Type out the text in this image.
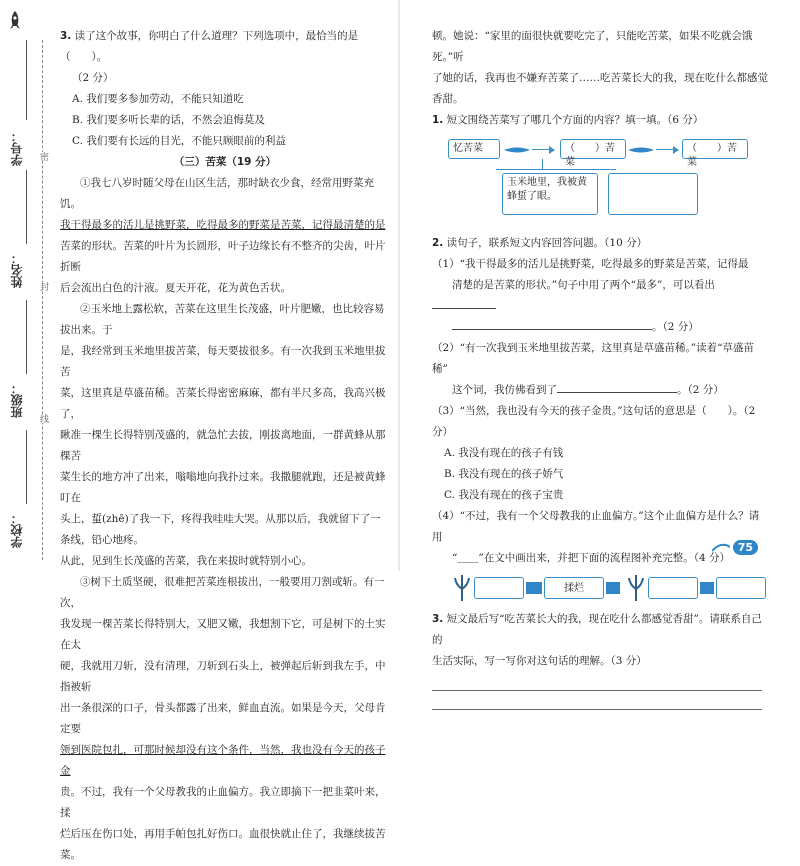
学号：
姓名：
班级：
学校：
密
封
线

3. 读了这个故事，你明白了什么道理？下列选项中，最恰当的是（　　）。

（2 分）

A. 我们要多参加劳动，不能只知道吃

B. 我们要多听长辈的话，不然会追悔莫及

C. 我们要有长远的目光，不能只顾眼前的利益

（三）苦菜（19 分）

①我七八岁时随父母在山区生活，那时缺衣少食，经常用野菜充饥。

我干得最多的活儿是挑野菜，吃得最多的野菜是苦菜，记得最清楚的是

苦菜的形状。苦菜的叶片为长圆形，叶子边缘长有不整齐的尖齿，叶片折断

后会流出白色的汁液。夏天开花，花为黄色舌状。

②玉米地上露松软，苦菜在这里生长茂盛，叶片肥嫩，也比较容易拔出来。于

是，我经常到玉米地里拔苦菜，每天要拔很多。有一次我到玉米地里拔苦

菜，这里真是草盛苗稀。苦菜长得密密麻麻，都有半尺多高，我高兴极了，

瞅准一棵生长得特别茂盛的，就急忙去拔，刚拔离地面，一群黄蜂从那棵苦

菜生长的地方冲了出来，嗡嗡地向我扑过来。我撒腿就跑，还是被黄蜂叮在

头上，蜇(zhē)了我一下，疼得我哇哇大哭。从那以后，我就留下了一条线，铅心地疼。

从此，见到生长茂盛的苦菜，我在来拔时就特别小心。

③树下土质坚硬，很难把苦菜连根拔出，一般要用刀割或斩。有一次，

我发现一棵苦菜长得特别大，又肥又嫩，我想割下它，可是树下的土实在太

硬，我就用刀斩，没有清理，刀斩到石头上，被弹起后斩到我左手，中指被斩

出一条很深的口子，骨头都露了出来，鲜血直流。如果是今天，父母肯定要

领到医院包扎，可那时候却没有这个条件，当然，我也没有今天的孩子金

贵。不过，我有一个父母教我的止血偏方。我立即摘下一把韭菜叶来，揉

烂后压在伤口处，再用手帕包扎好伤口。血很快就止住了，我继续拔苦菜。

顿。她说：“家里的面很快就要吃完了，只能吃苦菜，如果不吃就会饿死。”听

了她的话，我再也不嫌弃苦菜了……吃苦菜长大的我，现在吃什么都感觉

香甜。

1. 短文围绕苦菜写了哪几个方面的内容？填一填。（6 分）

忆苦菜	（　　）苦菜
（　　）苦菜
玉米地里，我被黄蜂蜇了眼。

2. 读句子，联系短文内容回答问题。（10 分）

（1）“我干得最多的活儿是挑野菜，吃得最多的野菜是苦菜，记得最

清楚的是苦菜的形状。”句子中用了两个“最多”，可以看出

。（2 分）

（2）“有一次我到玉米地里拔苦菜，这里真是草盛苗稀。”读着“草盛苗稀”

这个词，我仿佛看到了	。（2 分）

（3）“当然，我也没有今天的孩子金贵。”这句话的意思是（　　）。（2 分）

A. 我没有现在的孩子有钱

B. 我没有现在的孩子娇气

C. 我没有现在的孩子宝贵

（4）“不过，我有一个父母教我的止血偏方。”这个止血偏方是什么？请用

“＿＿”在文中画出来，并把下面的流程图补充完整。（4 分）

揉烂

3. 短文最后写“吃苦菜长大的我，现在吃什么都感觉香甜”。请联系自己的

生活实际，写一写你对这句话的理解。（3 分）

75
